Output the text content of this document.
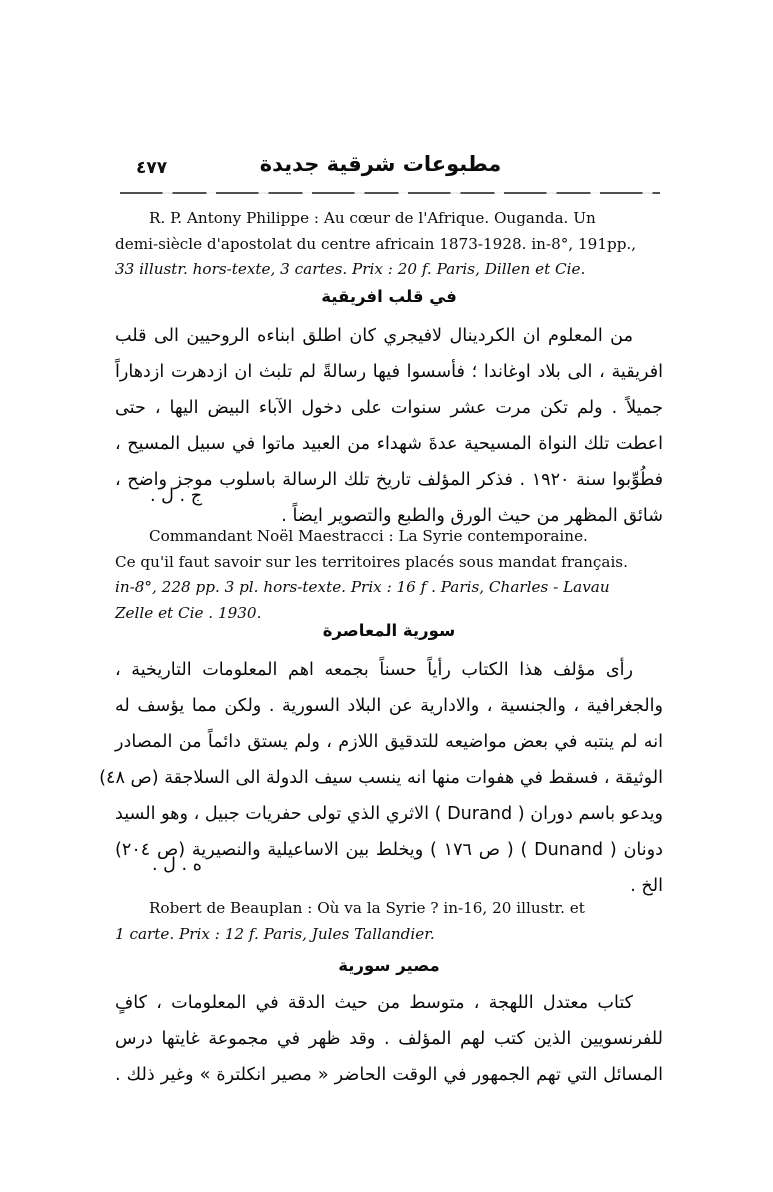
٤٧٧	مطبوعات شرقية جديدة
R. P. Antony Philippe : Au cœur de l'Afrique. Ouganda. Un
demi-siècle d'apostolat du centre africain 1873-1928. in-8°, 191pp.,
33 illustr. hors-texte, 3 cartes. Prix : 20 f. Paris, Dillen et Cie.
في قلب افريقية
من المعلوم ان الكردينال لافيجري كان اطلق ابناءه الروحيين الى قلب
افريقية ، الى بلاد اوغاندا ؛ فأسسوا فيها رسالةً لم تلبث ان ازدهرت ازدهاراً
جميلاً . ولم تكن مرت عشر سنوات على دخول الآباء البيض اليها ، حتى
اعطت تلك النواة المسيحية عدةَ شهداء من العبيد ماتوا في سبيل المسيح ،
فطُوِّبوا سنة ١٩٢٠ . فذكر المؤلف تاريخ تلك الرسالة باسلوب موجز واضح ،
شائق المظهر من حيث الورق والطبع والتصوير ايضاً .
ج . ل .
Commandant Noël Maestracci : La Syrie contemporaine.
Ce qu'il faut savoir sur les territoires placés sous mandat français.
in-8°, 228 pp. 3 pl. hors-texte. Prix : 16 f . Paris, Charles - Lavau
Zelle et Cie . 1930.
سورية المعاصرة
رأى مؤلف هذا الكتاب رأياً حسناً بجمعه اهم المعلومات التاريخية ،
والجغرافية ، والجنسية ، والادارية عن البلاد السورية . ولكن مما يؤسف له
انه لم ينتبه في بعض مواضيعه للتدقيق اللازم ، ولم يستق دائماً من المصادر
الوثيقة ، فسقط في هفوات منها انه ينسب سيف الدولة الى السلاجقة (ص ٤٨)
ويدعو باسم دوران ( Durand ) الاثري الذي تولى حفريات جبيل ، وهو السيد
دونان ( Dunand ) ( ص ١٧٦ ) ويخلط بين الاساعيلية والنصيرية (ص ٢٠٤)
الخ .
ه . ل .
Robert de Beauplan : Où va la Syrie ? in-16, 20 illustr. et
1 carte. Prix : 12 f. Paris, Jules Tallandier.
مصير سورية
كتاب معتدل اللهجة ، متوسط من حيث الدقة في المعلومات ، كافٍ
للفرنسويين الذين كتب لهم المؤلف . وقد ظهر في مجموعة غايتها درس
المسائل التي تهم الجمهور في الوقت الحاضر « مصير انكلترة » وغير ذلك .
